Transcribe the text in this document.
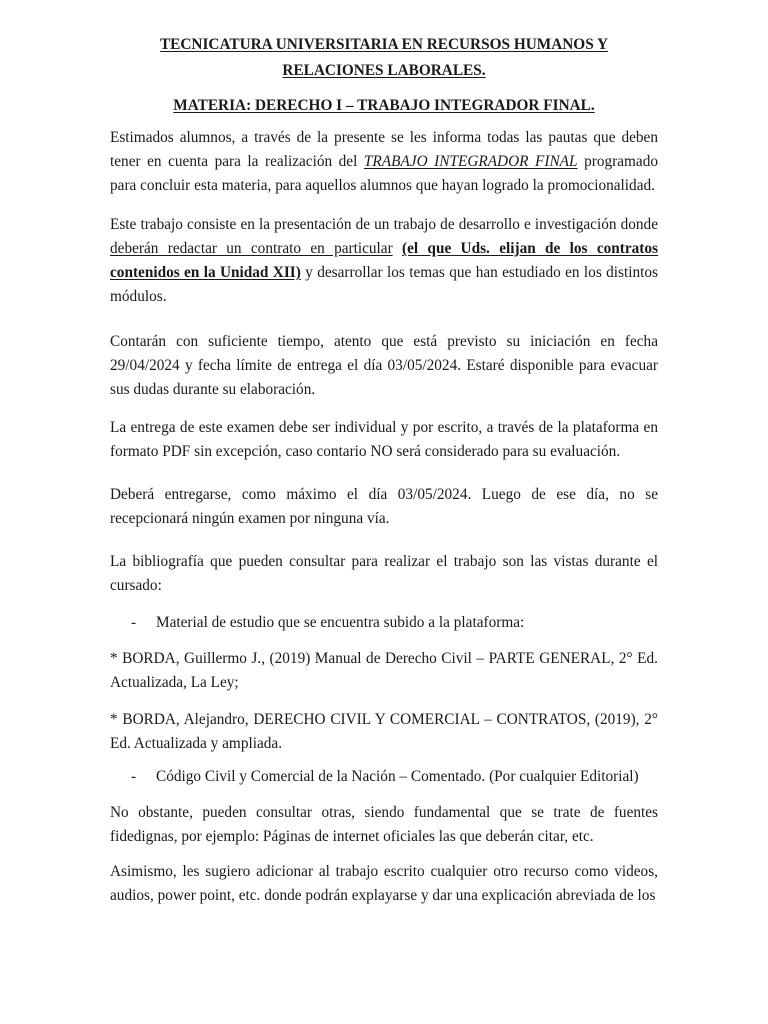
TECNICATURA UNIVERSITARIA EN RECURSOS HUMANOS Y
RELACIONES LABORALES.
MATERIA: DERECHO I – TRABAJO INTEGRADOR FINAL.

Estimados alumnos, a través de la presente se les informa todas las pautas que deben tener en cuenta para la realización del TRABAJO INTEGRADOR FINAL programado para concluir esta materia, para aquellos alumnos que hayan logrado la promocionalidad.

Este trabajo consiste en la presentación de un trabajo de desarrollo e investigación donde deberán redactar un contrato en particular (el que Uds. elijan de los contratos contenidos en la Unidad XII) y desarrollar los temas que han estudiado en los distintos módulos.

Contarán con suficiente tiempo, atento que está previsto su iniciación en fecha 29/04/2024 y fecha límite de entrega el día 03/05/2024. Estaré disponible para evacuar sus dudas durante su elaboración.

La entrega de este examen debe ser individual y por escrito, a través de la plataforma en formato PDF sin excepción, caso contario NO será considerado para su evaluación.

Deberá entregarse, como máximo el día 03/05/2024. Luego de ese día, no se recepcionará ningún examen por ninguna vía.

La bibliografía que pueden consultar para realizar el trabajo son las vistas durante el cursado:

- Material de estudio que se encuentra subido a la plataforma:

* BORDA, Guillermo J., (2019) Manual de Derecho Civil – PARTE GENERAL, 2° Ed. Actualizada, La Ley;

* BORDA, Alejandro, DERECHO CIVIL Y COMERCIAL – CONTRATOS, (2019), 2° Ed. Actualizada y ampliada.

- Código Civil y Comercial de la Nación – Comentado. (Por cualquier Editorial)

No obstante, pueden consultar otras, siendo fundamental que se trate de fuentes fidedignas, por ejemplo: Páginas de internet oficiales las que deberán citar, etc.

Asimismo, les sugiero adicionar al trabajo escrito cualquier otro recurso como videos, audios, power point, etc. donde podrán explayarse y dar una explicación abreviada de los
